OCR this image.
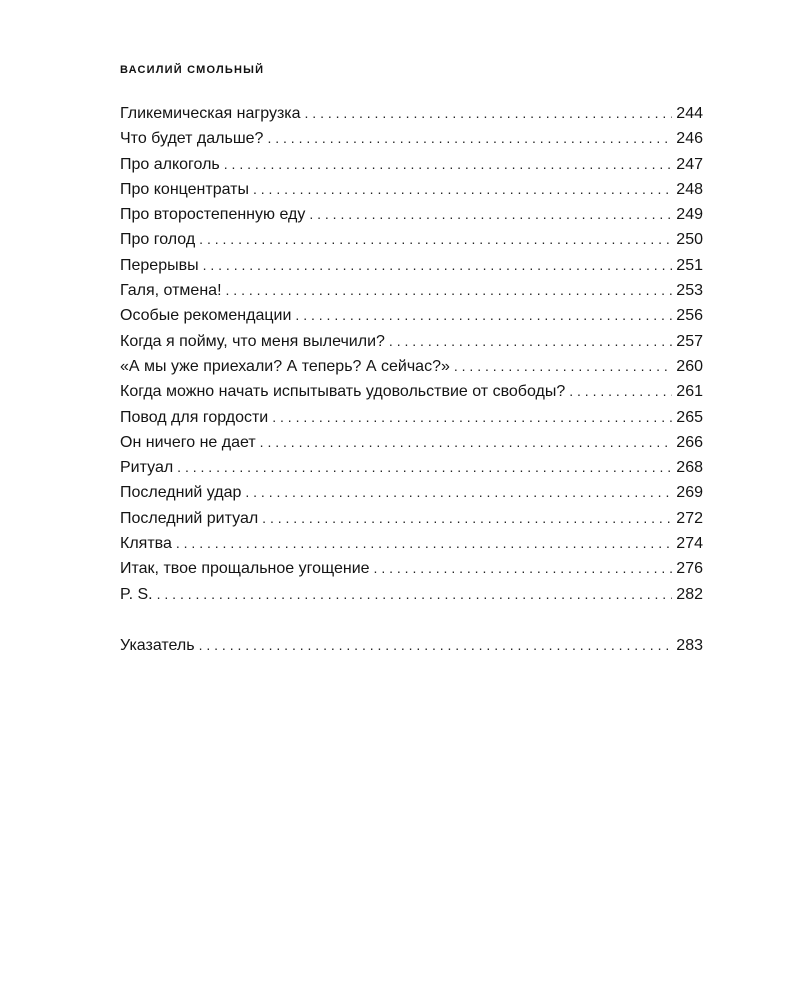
ВАСИЛИЙ СМОЛЬНЫЙ
Гликемическая нагрузка . . .	244
Что будет дальше? . . .	246
Про алкоголь . . .	247
Про концентраты . . .	248
Про второстепенную еду . . .	249
Про голод . . .	250
Перерывы . . .	251
Галя, отмена! . . .	253
Особые рекомендации . . .	256
Когда я пойму, что меня вылечили? . . .	257
«А мы уже приехали? А теперь? А сейчас?» . . .	260
Когда можно начать испытывать удовольствие от свободы? . . .	261
Повод для гордости . . .	265
Он ничего не дает . . .	266
Ритуал . . .	268
Последний удар . . .	269
Последний ритуал . . .	272
Клятва . . .	274
Итак, твое прощальное угощение . . .	276
P. S. . . .	282
Указатель . . .	283
